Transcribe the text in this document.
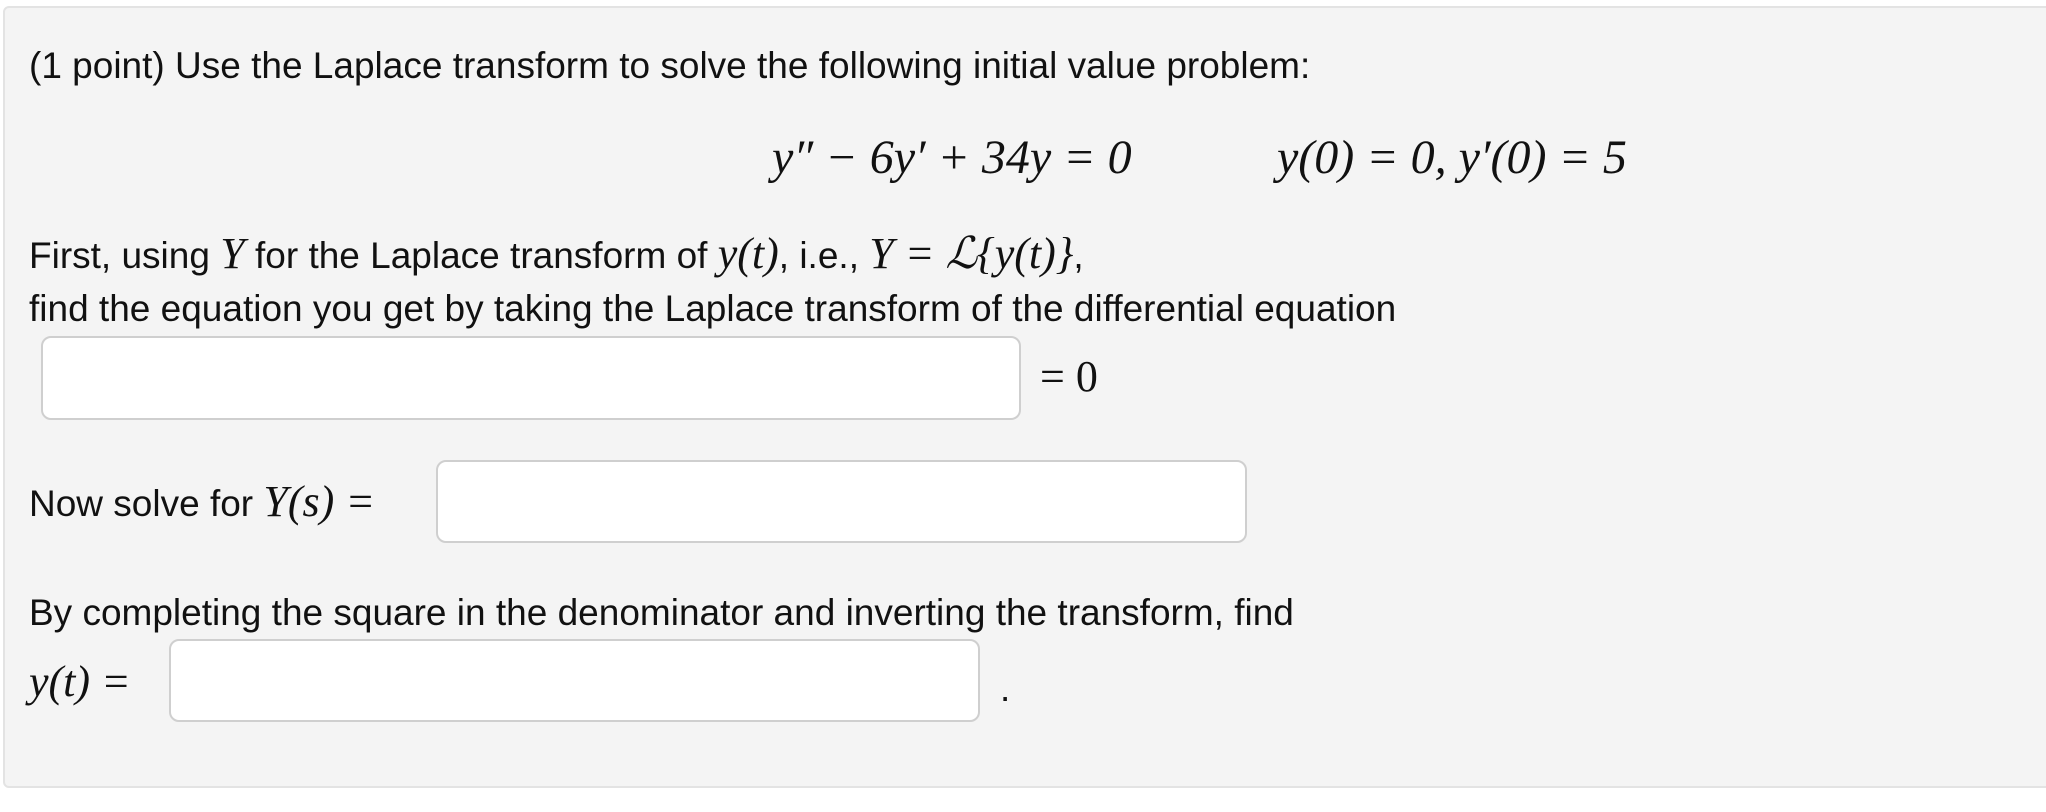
(1 point) Use the Laplace transform to solve the following initial value problem:
y″ − 6y′ + 34y = 0	y(0) = 0, y′(0) = 5
First, using Y for the Laplace transform of y(t), i.e., Y = ℒ{y(t)},
find the equation you get by taking the Laplace transform of the differential equation
= 0
Now solve for Y(s) =
By completing the square in the denominator and inverting the transform, find
y(t) =	.
